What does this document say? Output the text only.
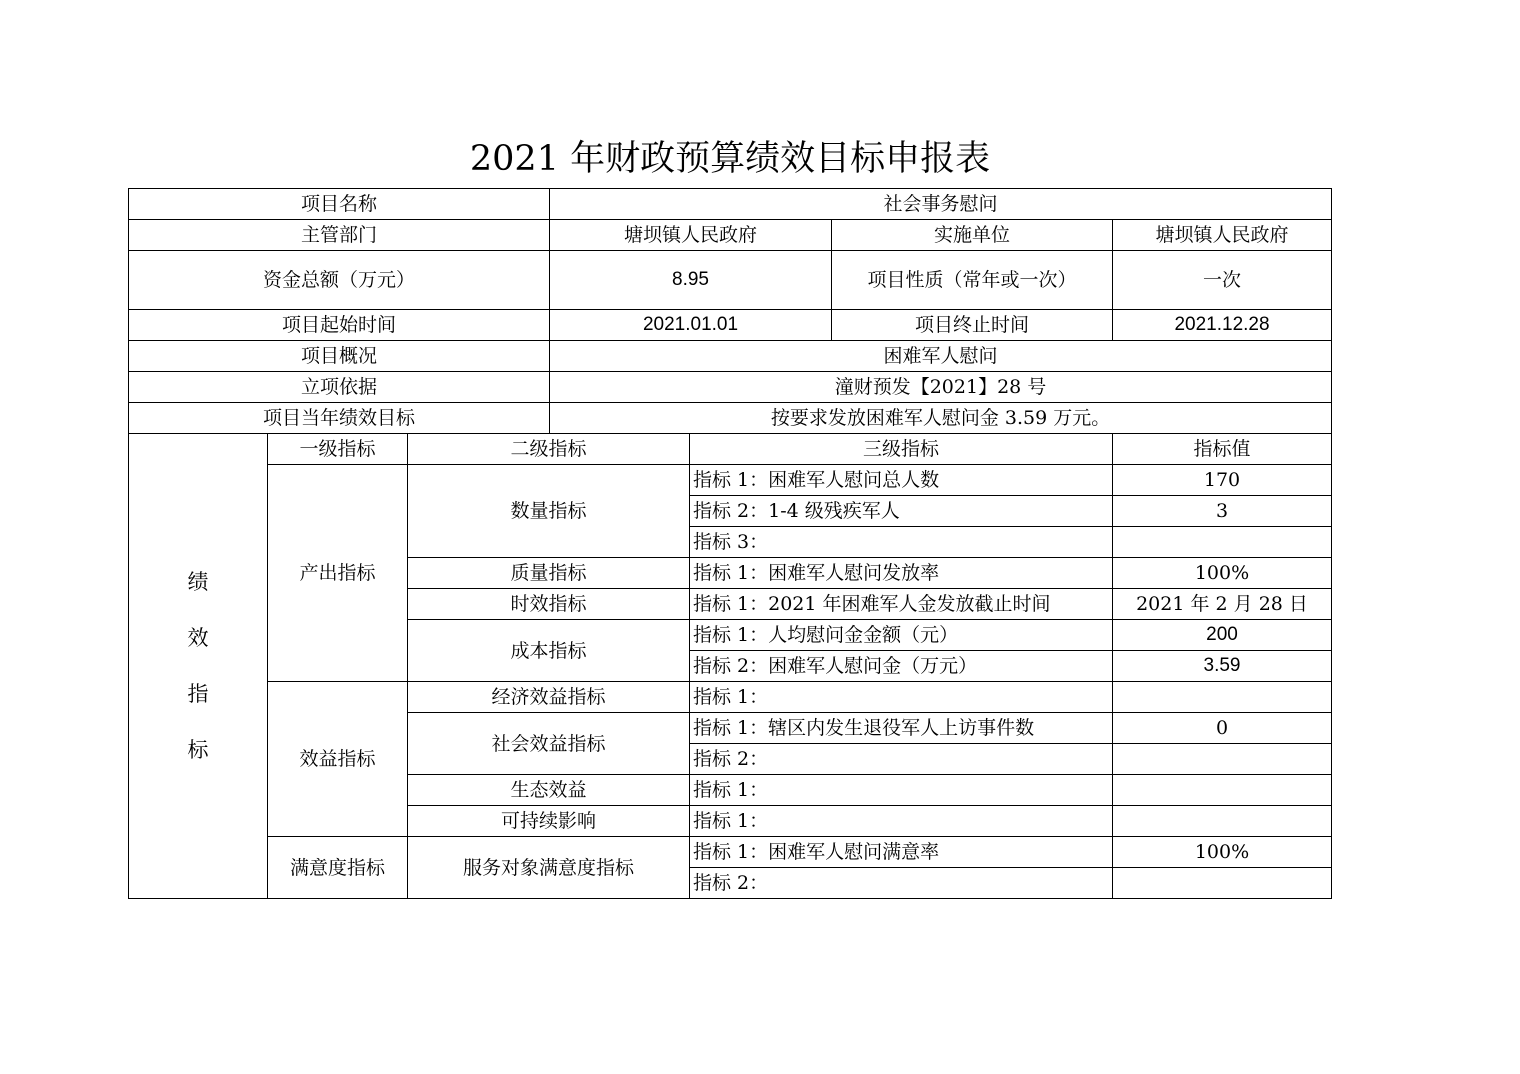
2021 年财政预算绩效目标申报表
项目名称			社会事务慰问			
主管部门			塘坝镇人民政府		实施单位	塘坝镇人民政府
资金总额（万元）			8.95		项目性质（常年或一次）	一次
项目起始时间			2021.01.01		项目终止时间	2021.12.28
项目概况			困难军人慰问			
立项依据			潼财预发【2021】28 号			
项目当年绩效目标			按要求发放困难军人慰问金 3.59 万元。			

绩
效
指
标	一级指标	二级指标		三级指标		指标值
	产出指标	数量指标		指标 1：困难军人慰问总人数		170
				指标 2：1-4 级残疾军人		3
				指标 3：		
		质量指标		指标 1：困难军人慰问发放率		100%
		时效指标		指标 1：2021 年困难军人金发放截止时间		2021 年 2 月 28 日
		成本指标		指标 1：人均慰问金金额（元）		200
				指标 2：困难军人慰问金（万元）		3.59
	效益指标	经济效益指标		指标 1：		
		社会效益指标		指标 1：辖区内发生退役军人上访事件数		0
				指标 2：		
		生态效益		指标 1：		
		可持续影响		指标 1：		
	满意度指标	服务对象满意度指标		指标 1：困难军人慰问满意率		100%
				指标 2：		
